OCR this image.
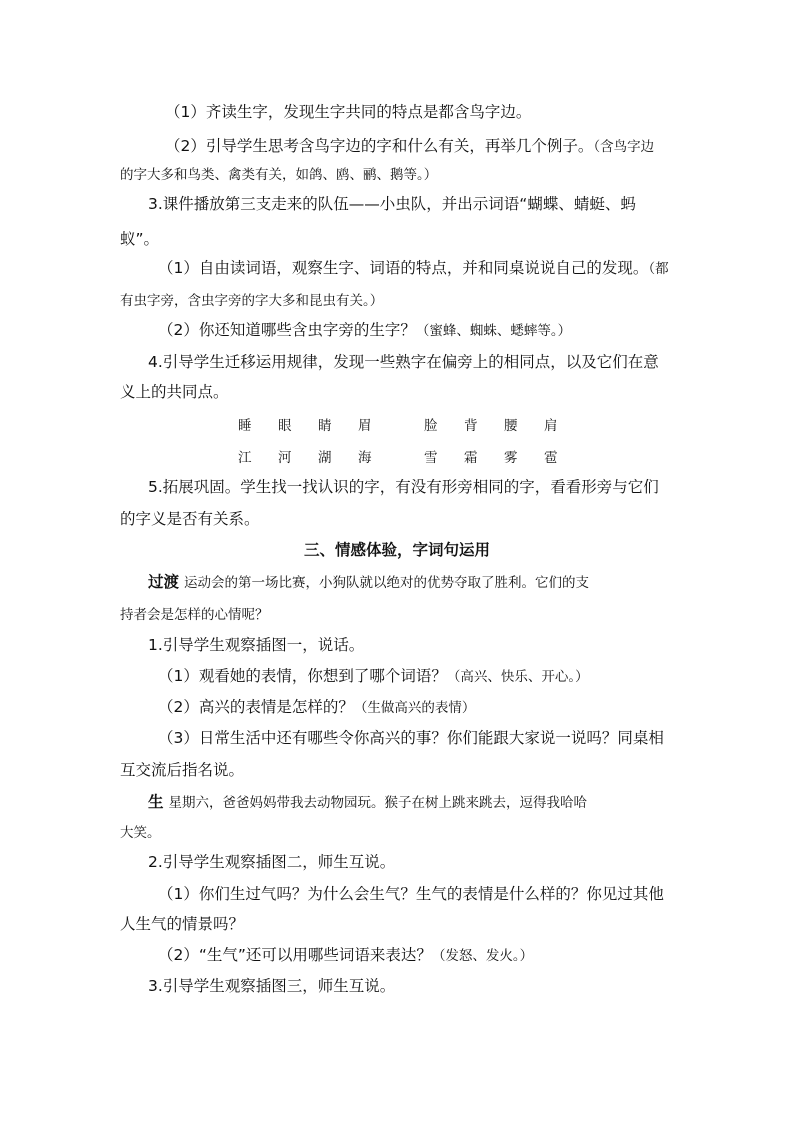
（1）齐读生字，发现生字共同的特点是都含鸟字边。
（2）引导学生思考含鸟字边的字和什么有关，再举几个例子。（含鸟字边
的字大多和鸟类、禽类有关，如鸽、鸥、鹂、鹅等。）
3.课件播放第三支走来的队伍——小虫队，并出示词语“蝴蝶、蜻蜓、蚂
蚁”。
（1）自由读词语，观察生字、词语的特点，并和同桌说说自己的发现。（都
有虫字旁，含虫字旁的字大多和昆虫有关。）
（2）你还知道哪些含虫字旁的生字？（蜜蜂、蜘蛛、蟋蟀等。）
4.引导学生迁移运用规律，发现一些熟字在偏旁上的相同点，以及它们在意
义上的共同点。
睡 眼 睛 眉	脸 背 腰 肩
江 河 湖 海	雪 霜 雾 雹
5.拓展巩固。学生找一找认识的字，有没有形旁相同的字，看看形旁与它们
的字义是否有关系。
三、情感体验，字词句运用
过渡 运动会的第一场比赛，小狗队就以绝对的优势夺取了胜利。它们的支
持者会是怎样的心情呢？
1.引导学生观察插图一，说话。
（1）观看她的表情，你想到了哪个词语？（高兴、快乐、开心。）
（2）高兴的表情是怎样的？（生做高兴的表情）
（3）日常生活中还有哪些令你高兴的事？你们能跟大家说一说吗？同桌相
互交流后指名说。
生 星期六，爸爸妈妈带我去动物园玩。猴子在树上跳来跳去，逗得我哈哈
大笑。
2.引导学生观察插图二，师生互说。
（1）你们生过气吗？为什么会生气？生气的表情是什么样的？你见过其他
人生气的情景吗？
（2）“生气”还可以用哪些词语来表达？（发怒、发火。）
3.引导学生观察插图三，师生互说。
